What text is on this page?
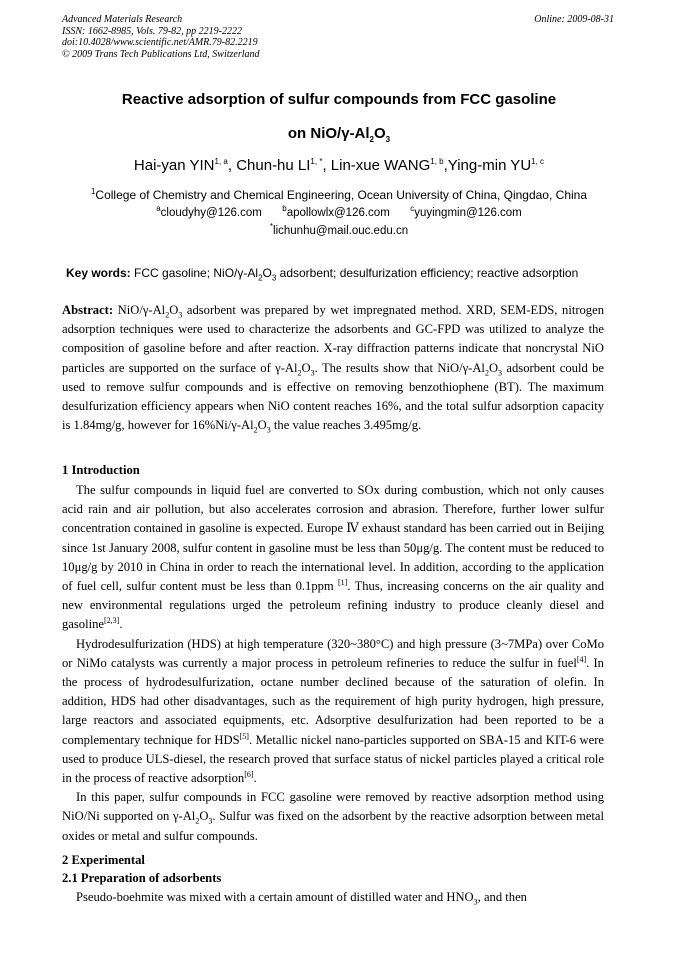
Advanced Materials Research
ISSN: 1662-8985, Vols. 79-82, pp 2219-2222
doi:10.4028/www.scientific.net/AMR.79-82.2219
© 2009 Trans Tech Publications Ltd, Switzerland
Online: 2009-08-31
Reactive adsorption of sulfur compounds from FCC gasoline
on NiO/$\gamma-Al_2O_3$
Hai-yan YIN$^{1, a}$, Chun-hu $LI^{1, *}$, Lin-xue WANG$^{1, b}$,Ying-min YU$^{1, c}$
$^1$College of Chemistry and Chemical Engineering, Ocean University of China, Qingdao, China
$^a$cloudyhy@126.com	$^b$apollowlx@126.com	$^c$yuyingmin@126.com
*lichunhu@mail.ouc.edu.cn
Key words: FCC gasoline; NiO/$\gamma-Al_2O_3$ adsorbent; desulfurization efficiency; reactive adsorption

Abstract: NiO/$\gamma-Al_2O_3$ adsorbent was prepared by wet impregnated method. XRD, SEM-EDS, nitrogen adsorption techniques were used to characterize the adsorbents and GC-FPD was utilized to analyze the composition of gasoline before and after reaction. X-ray diffraction patterns indicate that noncrystal NiO particles are supported on the surface of $\gamma-Al_2O_3$. The results show that NiO/$\gamma-Al_2O_3$ adsorbent could be used to remove sulfur compounds and is effective on removing benzothiophene (BT). The maximum desulfurization efficiency appears when NiO content reaches 16%, and the total sulfur adsorption capacity is 1.84mg/g, however for $16\%Ni/\gamma-Al_2O_3$ the value reaches 3.495mg/g.

1 Introduction

The sulfur compounds in liquid fuel are converted to SOx during combustion, which not only causes acid rain and air pollution, but also accelerates corrosion and abrasion. Therefore, further lower sulfur concentration contained in gasoline is expected. Europe Ⅳ exhaust standard has been carried out in Beijing since 1st January 2008, sulfur content in gasoline must be less than 50μg/g. The content must be reduced to 10μg/g by 2010 in China in order to reach the international level. In addition, according to the application of fuel cell, sulfur content must be less than 0.1ppm [1]. Thus, increasing concerns on the air quality and new environmental regulations urged the petroleum refining industry to produce cleanly diesel and gasoline[2,3].

Hydrodesulfurization (HDS) at high temperature (320~380°C) and high pressure (3~7MPa) over CoMo or NiMo catalysts was currently a major process in petroleum refineries to reduce the sulfur in fuel[4]. In the process of hydrodesulfurization, octane number declined because of the saturation of olefin. In addition, HDS had other disadvantages, such as the requirement of high purity hydrogen, high pressure, large reactors and associated equipments, etc. Adsorptive desulfurization had been reported to be a complementary technique for HDS[5]. Metallic nickel nano-particles supported on SBA-15 and KIT-6 were used to produce ULS-diesel, the research proved that surface status of nickel particles played a critical role in the process of reactive adsorption[6].

In this paper, sulfur compounds in FCC gasoline were removed by reactive adsorption method using NiO/Ni supported on $\gamma-Al_2O_3$. Sulfur was fixed on the adsorbent by the reactive adsorption between metal oxides or metal and sulfur compounds.

2 Experimental
2.1 Preparation of adsorbents

Pseudo-boehmite was mixed with a certain amount of distilled water and $HNO_3$, and then
